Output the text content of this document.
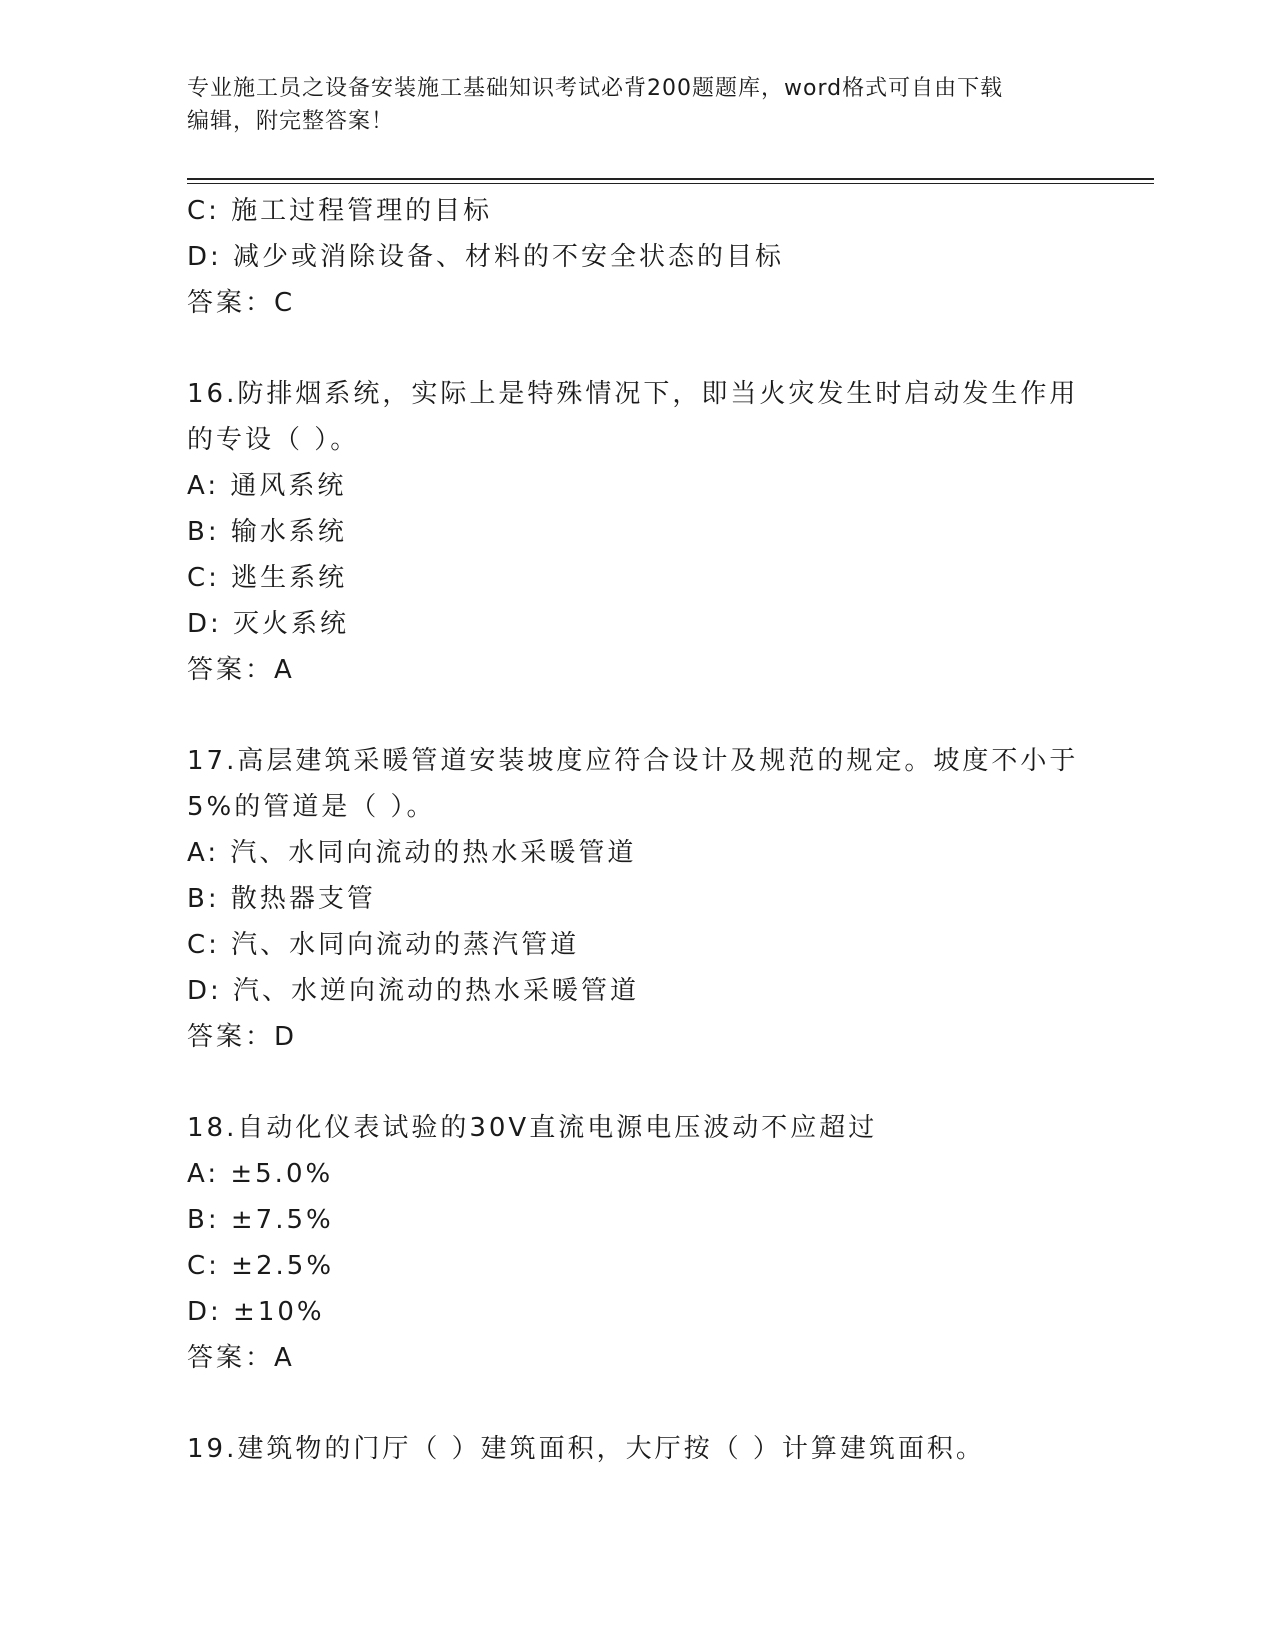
专业施工员之设备安装施工基础知识考试必背200题题库，word格式可自由下载
编辑，附完整答案！
C: 施工过程管理的目标
D: 减少或消除设备、材料的不安全状态的目标
答案：C
16.防排烟系统，实际上是特殊情况下，即当火灾发生时启动发生作用
的专设（ ）。
A: 通风系统
B: 输水系统
C: 逃生系统
D: 灭火系统
答案：A
17.高层建筑采暖管道安装坡度应符合设计及规范的规定。坡度不小于
5%的管道是（ ）。
A: 汽、水同向流动的热水采暖管道
B: 散热器支管
C: 汽、水同向流动的蒸汽管道
D: 汽、水逆向流动的热水采暖管道
答案：D
18.自动化仪表试验的30V直流电源电压波动不应超过
A: ±5.0%
B: ±7.5%
C: ±2.5%
D: ±10%
答案：A
19.建筑物的门厅（ ）建筑面积，大厅按（ ）计算建筑面积。
